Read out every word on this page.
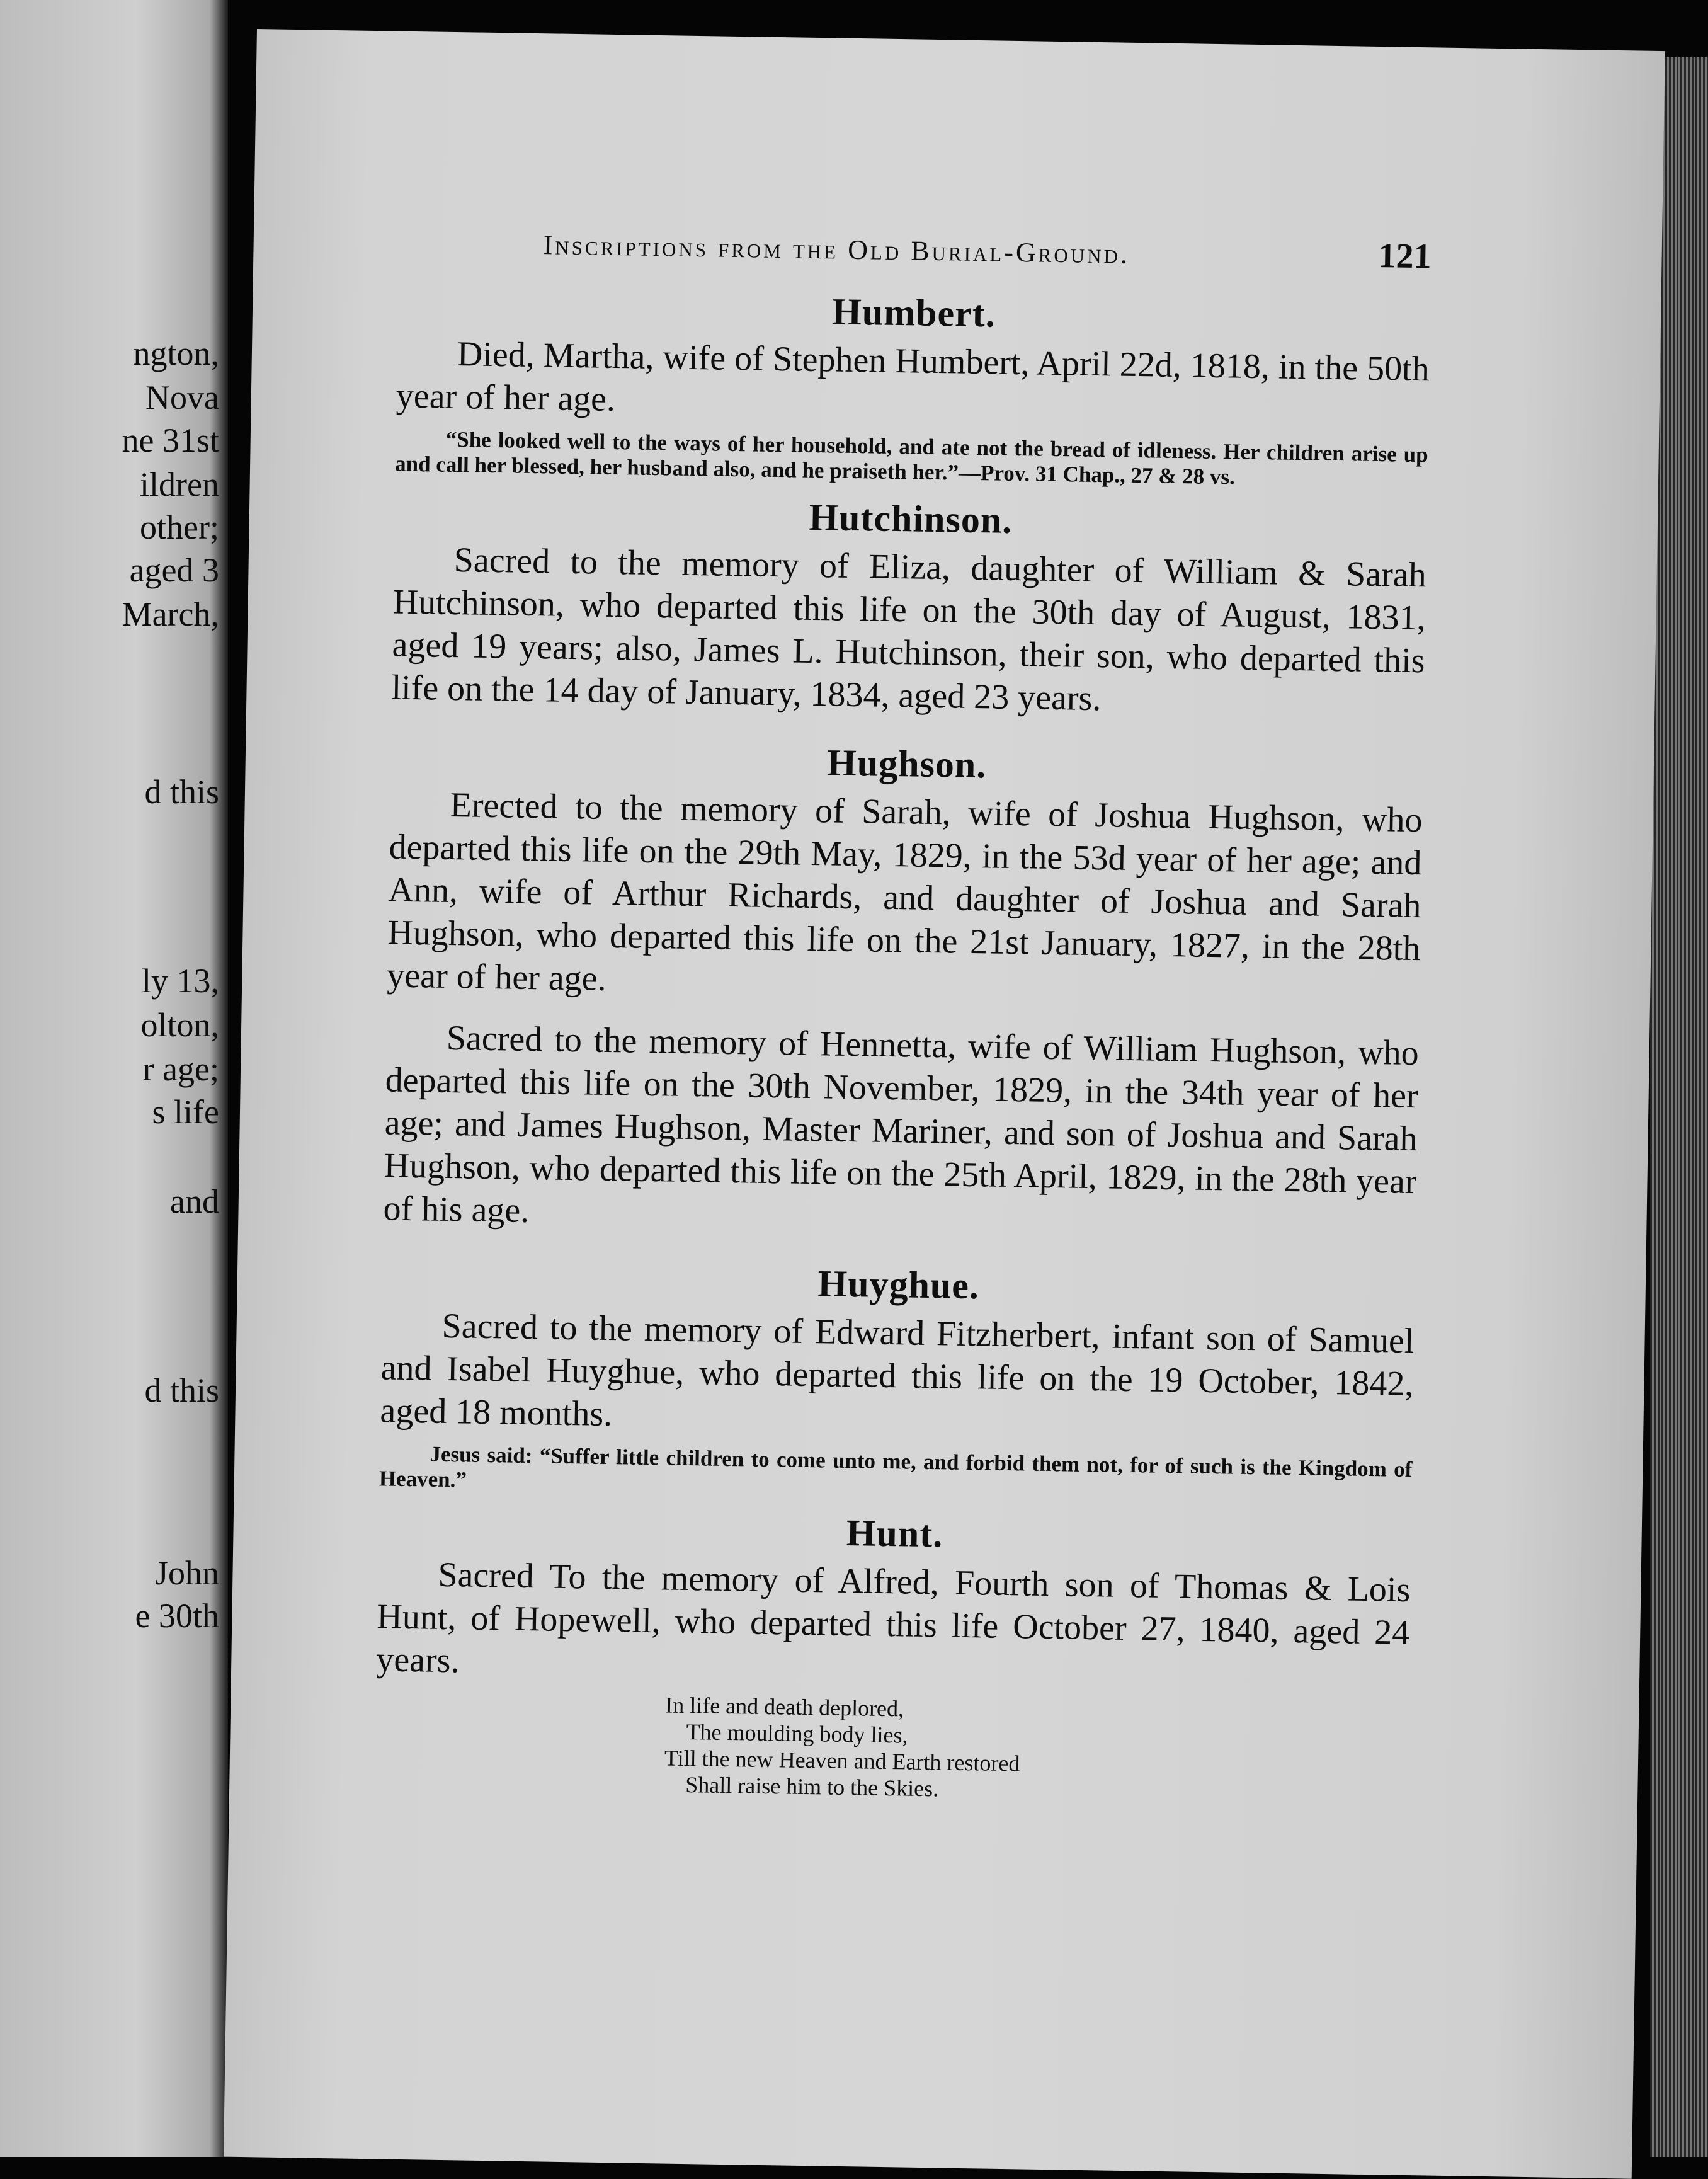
ngton,
Nova
ne 31st
ildren
other;
aged 3
March,
d this
ly 13,
olton,
r age;
s life
and
d this
John
e 30th
Inscriptions from the Old Burial-Ground.	121
Humbert.

Died, Martha, wife of Stephen Humbert, April 22d, 1818, in the 50th year of her age.

“She looked well to the ways of her household, and ate not the bread of idleness. Her children arise up and call her blessed, her husband also, and he praiseth her.”—Prov. 31 Chap., 27 & 28 vs.

Hutchinson.

Sacred to the memory of Eliza, daughter of William & Sarah Hutchinson, who departed this life on the 30th day of August, 1831, aged 19 years; also, James L. Hutchinson, their son, who departed this life on the 14 day of January, 1834, aged 23 years.

Hughson.

Erected to the memory of Sarah, wife of Joshua Hughson, who departed this life on the 29th May, 1829, in the 53d year of her age; and Ann, wife of Arthur Richards, and daughter of Joshua and Sarah Hughson, who departed this life on the 21st January, 1827, in the 28th year of her age.

Sacred to the memory of Hennetta, wife of William Hughson, who departed this life on the 30th November, 1829, in the 34th year of her age; and James Hughson, Master Mariner, and son of Joshua and Sarah Hughson, who departed this life on the 25th April, 1829, in the 28th year of his age.

Huyghue.

Sacred to the memory of Edward Fitzherbert, infant son of Samuel and Isabel Huyghue, who departed this life on the 19 October, 1842, aged 18 months.

Jesus said: “Suffer little children to come unto me, and forbid them not, for of such is the Kingdom of Heaven.”

Hunt.

Sacred To the memory of Alfred, Fourth son of Thomas & Lois Hunt, of Hopewell, who departed this life October 27, 1840, aged 24 years.

In life and death deplored,
The moulding body lies,
Till the new Heaven and Earth restored
Shall raise him to the Skies.
